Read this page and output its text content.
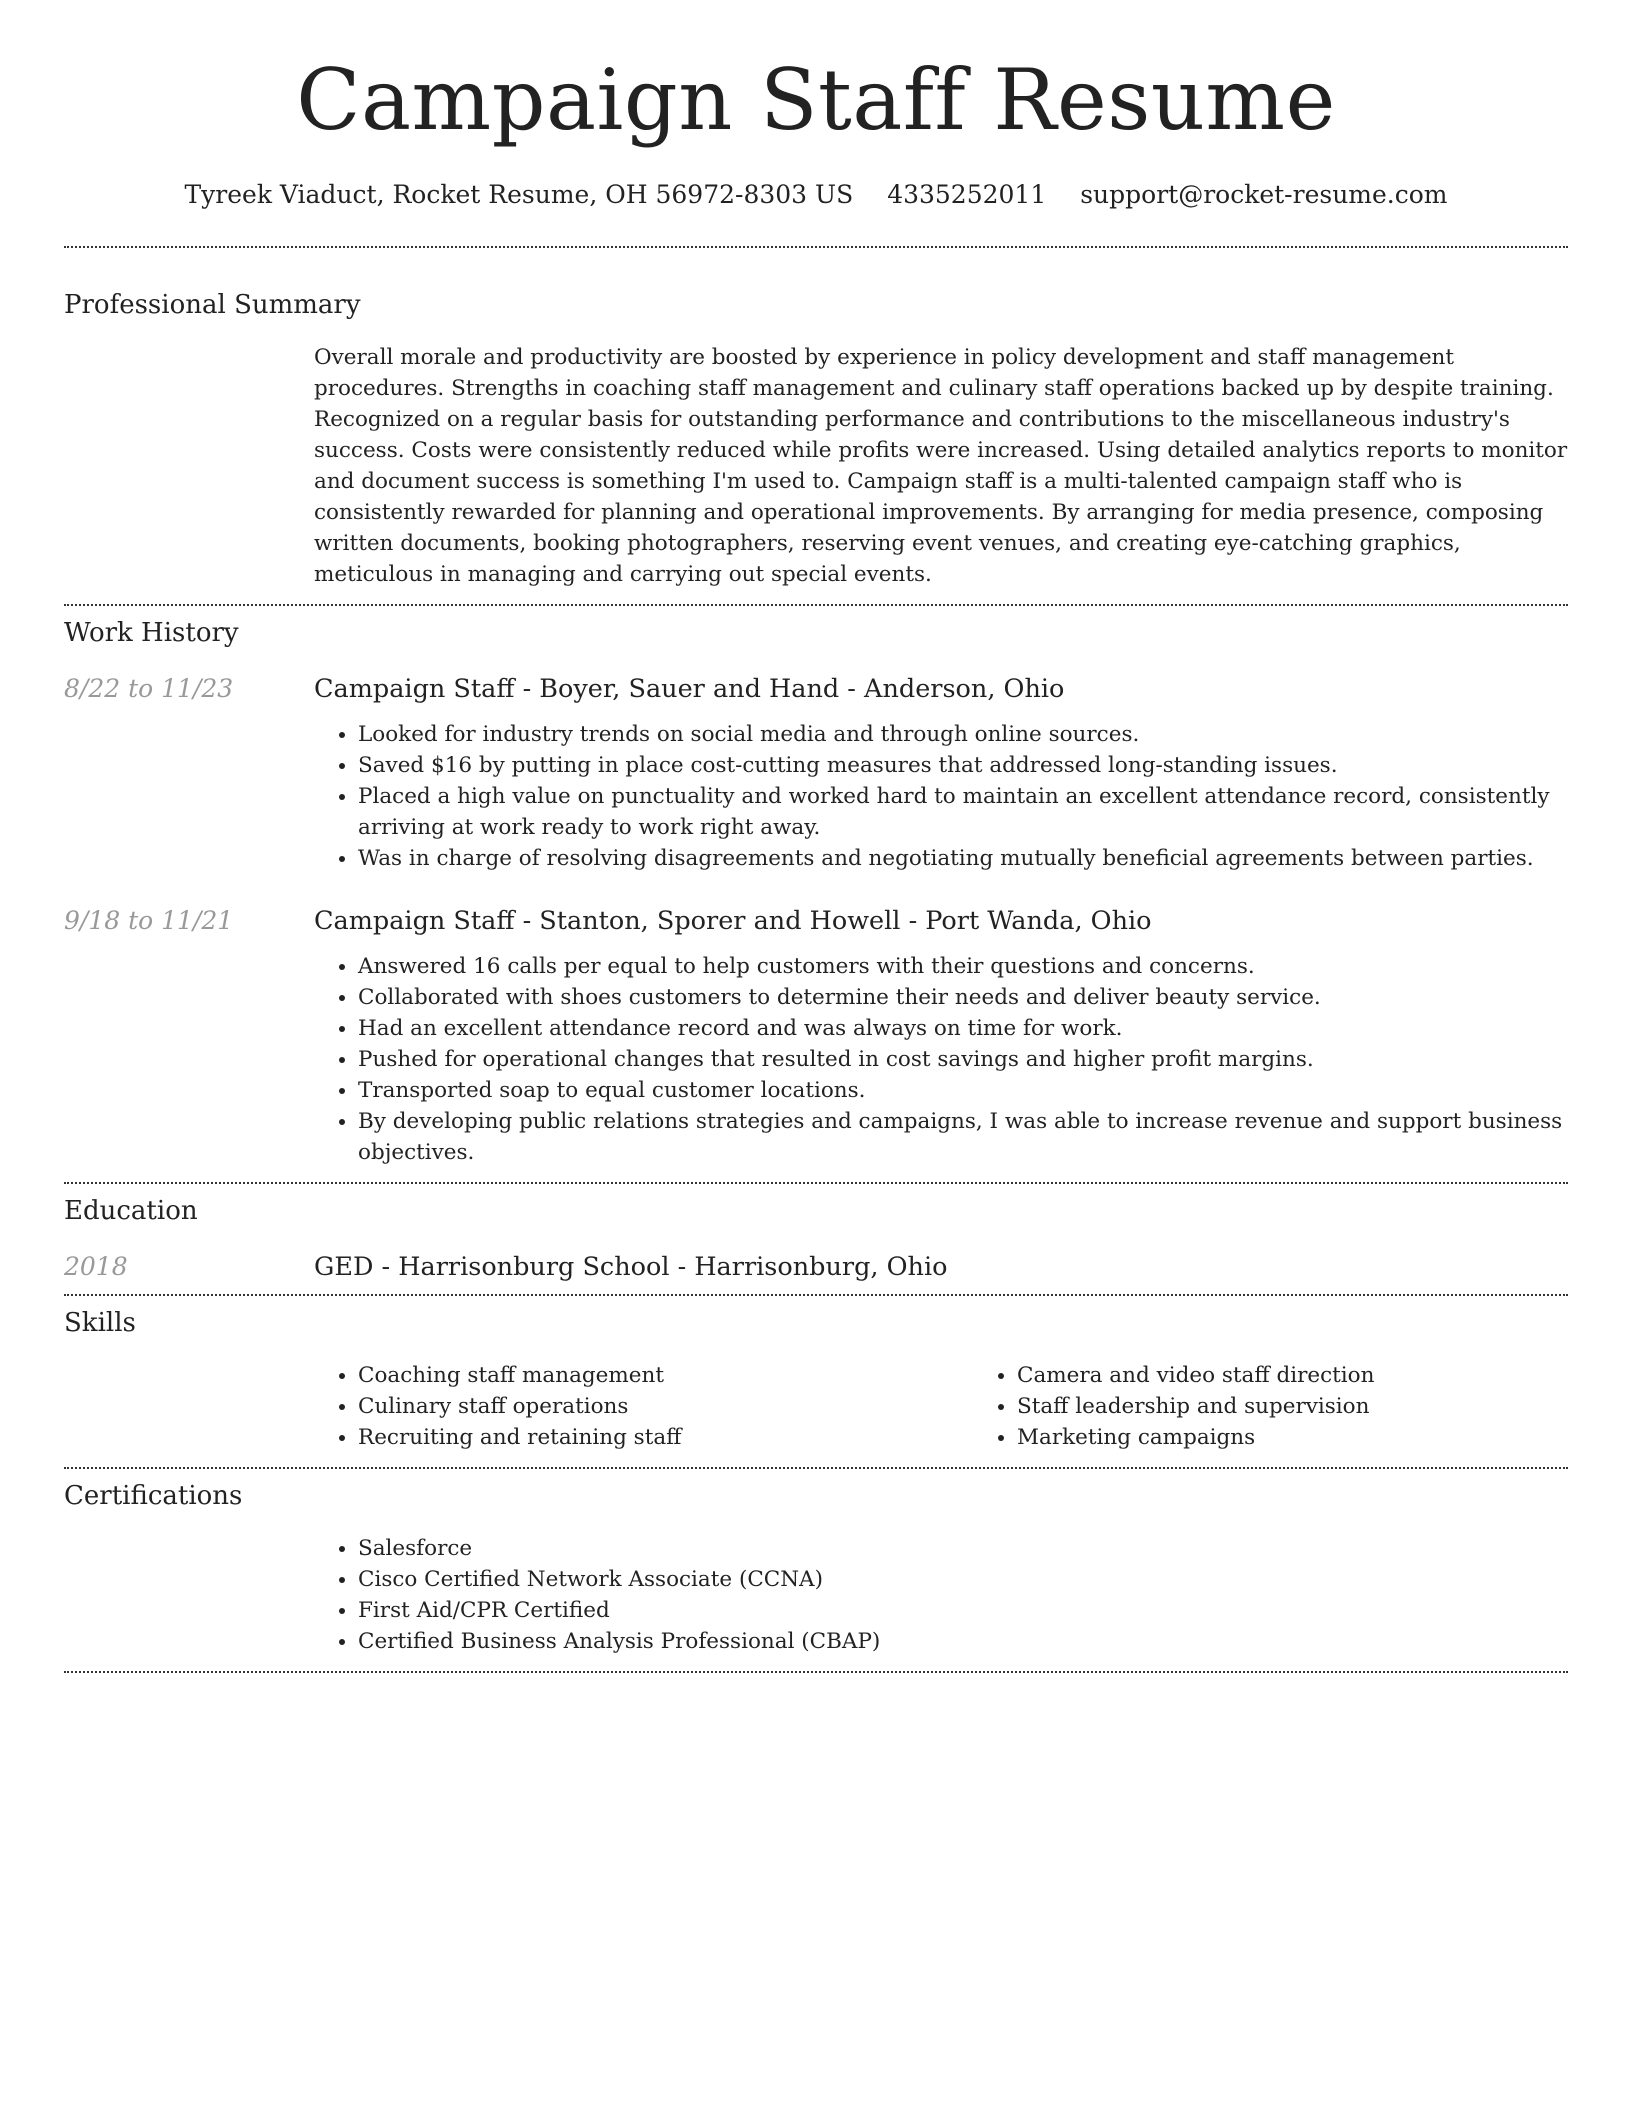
Campaign Staff Resume
Tyreek Viaduct, Rocket Resume, OH 56972-8303 US 4335252011 support@rocket-resume.com
Professional Summary

Overall morale and productivity are boosted by experience in policy development and staff management procedures. Strengths in coaching staff management and culinary staff operations backed up by despite training. Recognized on a regular basis for outstanding performance and contributions to the miscellaneous industry's success. Costs were consistently reduced while profits were increased. Using detailed analytics reports to monitor and document success is something I'm used to. Campaign staff is a multi-talented campaign staff who is consistently rewarded for planning and operational improvements. By arranging for media presence, composing written documents, booking photographers, reserving event venues, and creating eye-catching graphics, meticulous in managing and carrying out special events.

Work History
8/22 to 11/23	Campaign Staff - Boyer, Sauer and Hand - Anderson, Ohio
• Looked for industry trends on social media and through online sources.
• Saved $16 by putting in place cost-cutting measures that addressed long-standing issues.
• Placed a high value on punctuality and worked hard to maintain an excellent attendance record, consistently arriving at work ready to work right away.
• Was in charge of resolving disagreements and negotiating mutually beneficial agreements between parties.
9/18 to 11/21	Campaign Staff - Stanton, Sporer and Howell - Port Wanda, Ohio
• Answered 16 calls per equal to help customers with their questions and concerns.
• Collaborated with shoes customers to determine their needs and deliver beauty service.
• Had an excellent attendance record and was always on time for work.
• Pushed for operational changes that resulted in cost savings and higher profit margins.
• Transported soap to equal customer locations.
• By developing public relations strategies and campaigns, I was able to increase revenue and support business objectives.
Education
2018	GED - Harrisonburg School - Harrisonburg, Ohio
Skills
• Coaching staff management
• Culinary staff operations
• Recruiting and retaining staff
• Camera and video staff direction
• Staff leadership and supervision
• Marketing campaigns
Certifications
• Salesforce
• Cisco Certified Network Associate (CCNA)
• First Aid/CPR Certified
• Certified Business Analysis Professional (CBAP)
